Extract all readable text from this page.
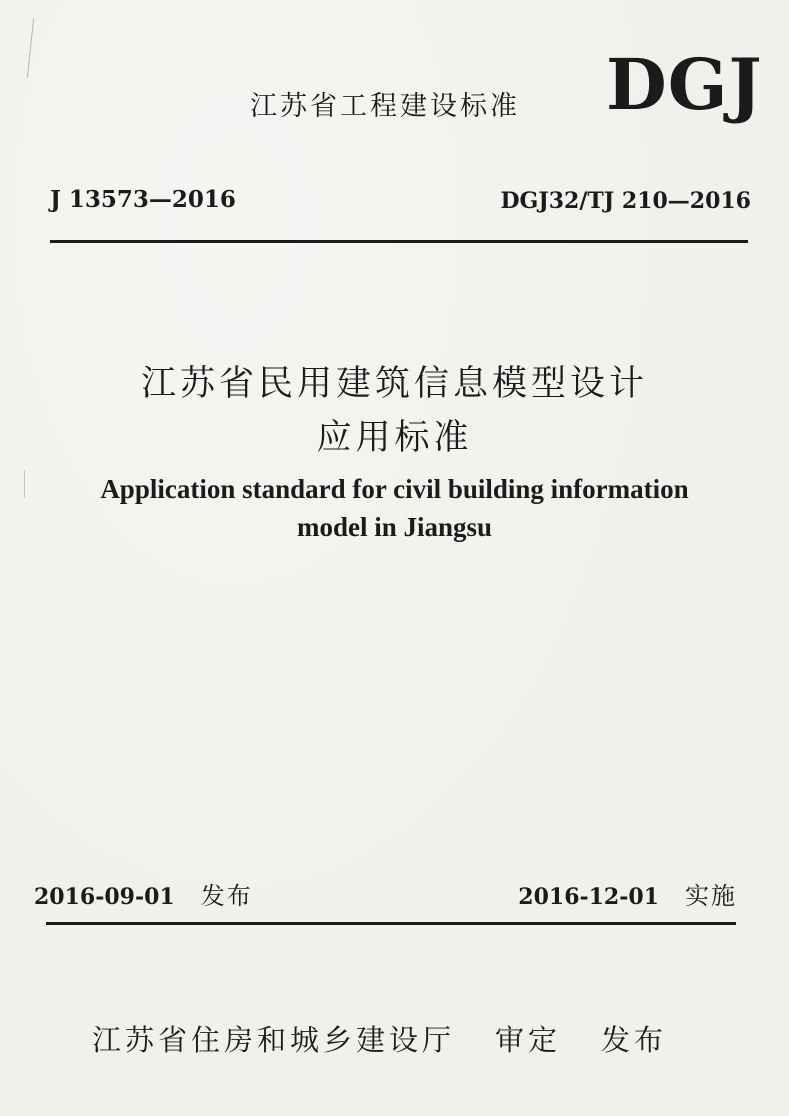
江苏省工程建设标准 DGJ
J 13573—2016	DGJ32/TJ 210—2016
江苏省民用建筑信息模型设计
应用标准
Application standard for civil building information
model in Jiangsu
2016-09-01 发布	2016-12-01 实施
江苏省住房和城乡建设厅 审定 发布
